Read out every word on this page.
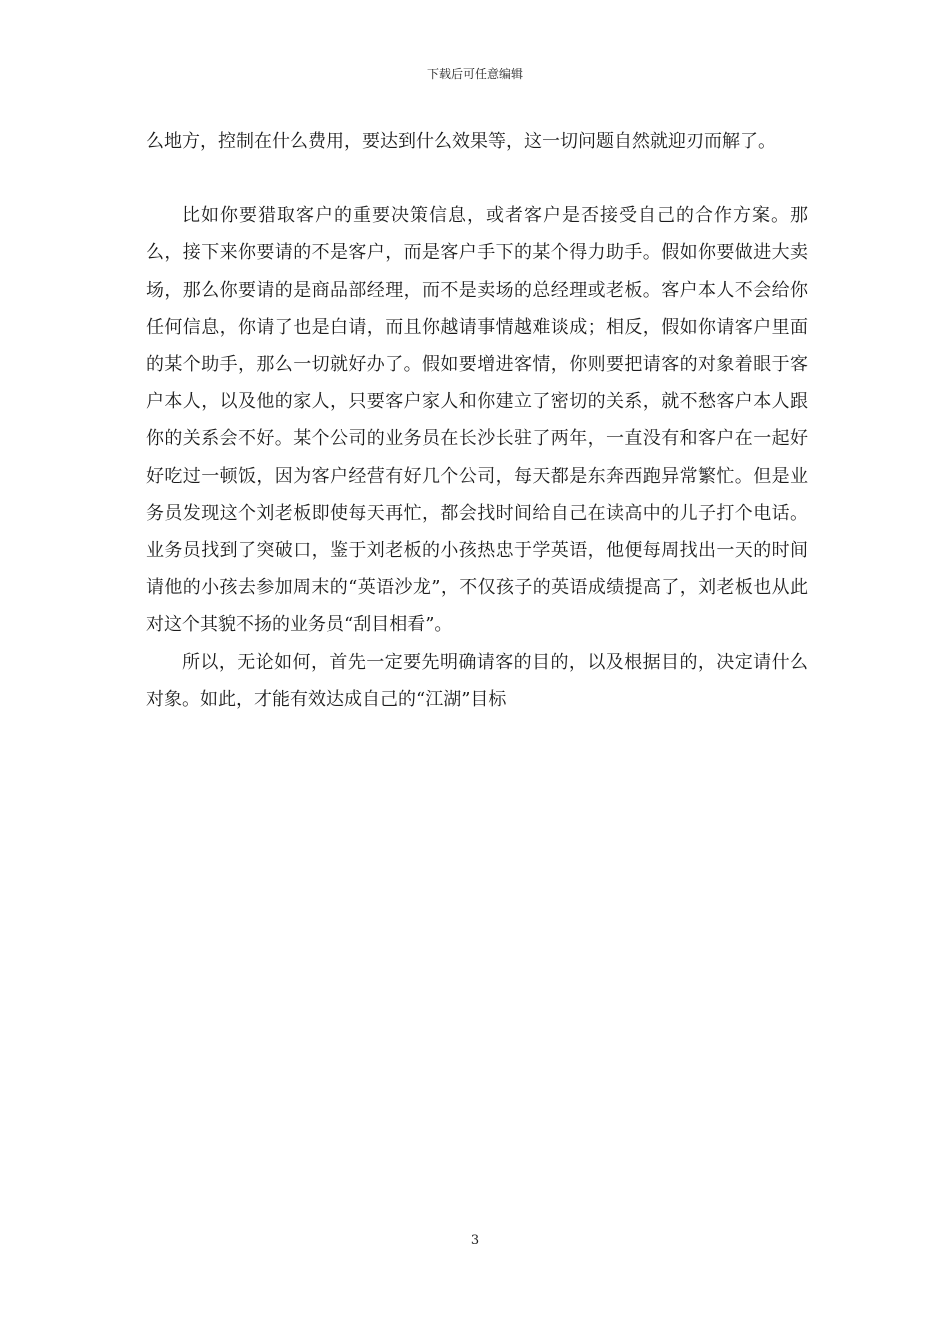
下载后可任意编辑

么地方，控制在什么费用，要达到什么效果等，这一切问题自然就迎刃而解了。

比如你要猎取客户的重要决策信息，或者客户是否接受自己的合作方案。那么，接下来你要请的不是客户，而是客户手下的某个得力助手。假如你要做进大卖场，那么你要请的是商品部经理，而不是卖场的总经理或老板。客户本人不会给你任何信息，你请了也是白请，而且你越请事情越难谈成；相反，假如你请客户里面的某个助手，那么一切就好办了。假如要增进客情，你则要把请客的对象着眼于客户本人，以及他的家人，只要客户家人和你建立了密切的关系，就不愁客户本人跟你的关系会不好。某个公司的业务员在长沙长驻了两年，一直没有和客户在一起好好吃过一顿饭，因为客户经营有好几个公司，每天都是东奔西跑异常繁忙。但是业务员发现这个刘老板即使每天再忙，都会找时间给自己在读高中的儿子打个电话。业务员找到了突破口，鉴于刘老板的小孩热忠于学英语，他便每周找出一天的时间请他的小孩去参加周末的“英语沙龙”，不仅孩子的英语成绩提高了，刘老板也从此对这个其貌不扬的业务员“刮目相看”。

所以，无论如何，首先一定要先明确请客的目的，以及根据目的，决定请什么对象。如此，才能有效达成自己的“江湖”目标

3
